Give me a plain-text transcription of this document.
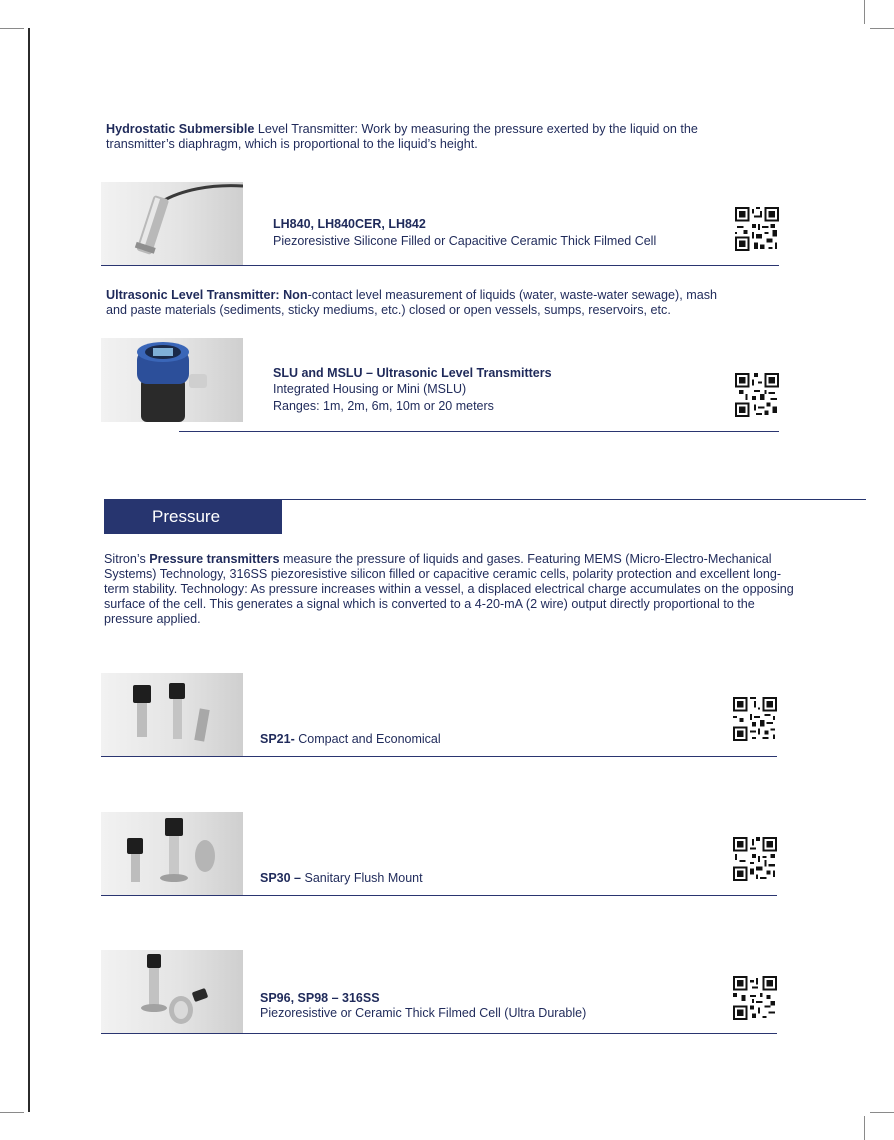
Hydrostatic Submersible Level Transmitter: Work by measuring the pressure exerted by the liquid on the transmitter’s diaphragm, which is proportional to the liquid’s height.
LH840, LH840CER, LH842
Piezoresistive Silicone Filled or Capacitive Ceramic Thick Filmed Cell
Ultrasonic Level Transmitter: Non-contact level measurement of liquids (water, waste-water sewage), mash and paste materials (sediments, sticky mediums, etc.) closed or open vessels, sumps, reservoirs, etc.
SLU and MSLU – Ultrasonic Level Transmitters
Integrated Housing or Mini (MSLU)
Ranges: 1m, 2m, 6m, 10m or 20 meters
Pressure
Sitron’s Pressure transmitters measure the pressure of liquids and gases. Featuring MEMS (Micro-Electro-Mechanical Systems) Technology, 316SS piezoresistive silicon filled or capacitive ceramic cells, polarity protection and excellent long-term stability. Technology: As pressure increases within a vessel, a displaced electrical charge accumulates on the opposing surface of the cell. This generates a signal which is converted to a 4-20-mA (2 wire) output directly proportional to the pressure applied.
SP21- Compact and Economical
SP30 – Sanitary Flush Mount
SP96, SP98 – 316SS
Piezoresistive or Ceramic Thick Filmed Cell (Ultra Durable)
